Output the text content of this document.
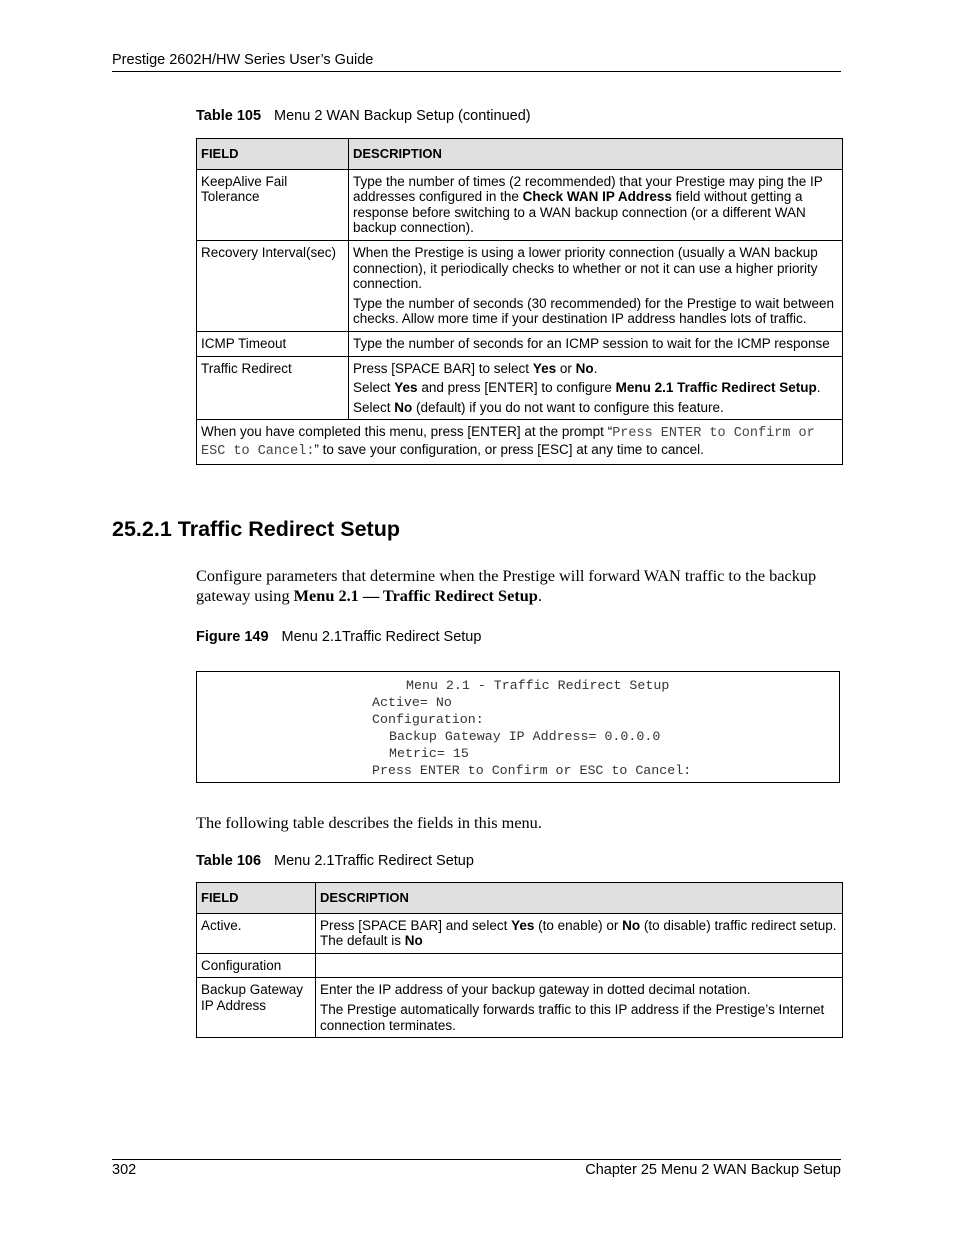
Prestige 2602H/HW Series User’s Guide
Table 105 Menu 2 WAN Backup Setup (continued)
FIELD	DESCRIPTION
KeepAlive Fail Tolerance	Type the number of times (2 recommended) that your Prestige may ping the IP addresses configured in the Check WAN IP Address field without getting a response before switching to a WAN backup connection (or a different WAN backup connection).
Recovery Interval(sec)	When the Prestige is using a lower priority connection (usually a WAN backup connection), it periodically checks to whether or not it can use a higher priority connection.

Type the number of seconds (30 recommended) for the Prestige to wait between checks. Allow more time if your destination IP address handles lots of traffic.

ICMP Timeout	Type the number of seconds for an ICMP session to wait for the ICMP response

Traffic Redirect	Press [SPACE BAR] to select Yes or No.

Select Yes and press [ENTER] to configure Menu 2.1 Traffic Redirect Setup.

Select No (default) if you do not want to configure this feature.

When you have completed this menu, press [ENTER] at the prompt “Press ENTER to Confirm or ESC to Cancel:” to save your configuration, or press [ESC] at any time to cancel.	
25.2.1 Traffic Redirect Setup
Configure parameters that determine when the Prestige will forward WAN traffic to the backup gateway using Menu 2.1 — Traffic Redirect Setup.
Figure 149 Menu 2.1Traffic Redirect Setup
Menu 2.1 - Traffic Redirect Setup
Active= No
Configuration:
Backup Gateway IP Address= 0.0.0.0
Metric= 15
Press ENTER to Confirm or ESC to Cancel:
The following table describes the fields in this menu.
Table 106 Menu 2.1Traffic Redirect Setup
FIELD	DESCRIPTION
Active.	Press [SPACE BAR] and select Yes (to enable) or No (to disable) traffic redirect setup. The default is No
Configuration	
Backup Gateway IP Address	Enter the IP address of your backup gateway in dotted decimal notation.

The Prestige automatically forwards traffic to this IP address if the Prestige’s Internet connection terminates.

302	Chapter 25 Menu 2 WAN Backup Setup
